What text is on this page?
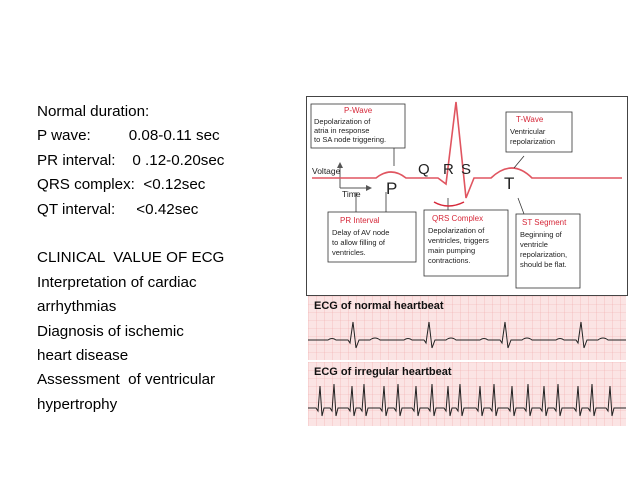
Normal duration:
P wave:         0.08-0.11 sec
PR interval:    0 .12-0.20sec
QRS complex:  <0.12sec
QT interval:     <0.42sec
CLINICAL  VALUE OF ECG
Interpretation of cardiac
arrhythmias
Diagnosis of ischemic
heart disease
Assessment  of ventricular
hypertrophy
Voltage
Time P
Q R S
T
P-Wave
Depolarization of
atria in response
to SA node triggering.
T-Wave
Ventricular
repolarization
PR Interval
Delay of AV node
to allow filling of
ventricles.
QRS Complex
Depolarization of
ventricles, triggers
main pumping
contractions.
ST Segment
Beginning of
ventricle
repolarization,
should be flat.
ECG of normal heartbeat
ECG of irregular heartbeat
